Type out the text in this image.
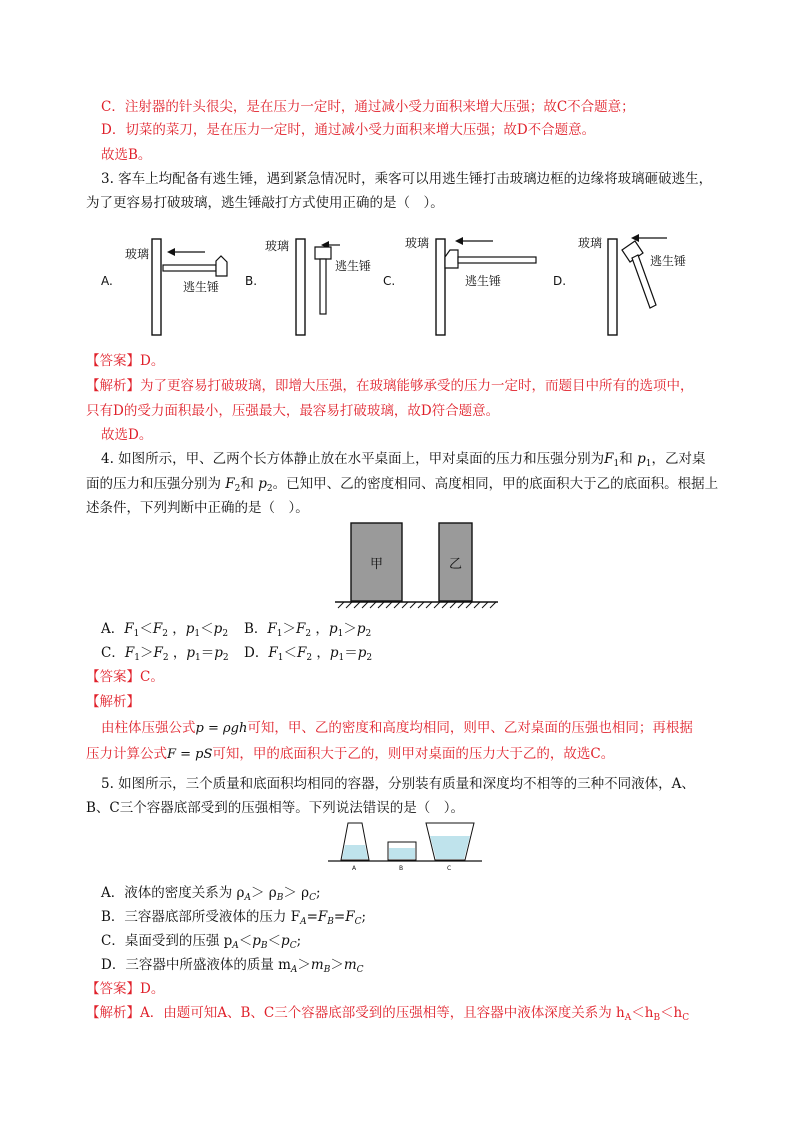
C．注射器的针头很尖，是在压力一定时，通过减小受力面积来增大压强；故C不合题意；
D．切菜的菜刀，是在压力一定时，通过减小受力面积来增大压强；故D不合题意。
故选B。
3. 客车上均配备有逃生锤，遇到紧急情况时，乘客可以用逃生锤打击玻璃边框的边缘将玻璃砸破逃生，
为了更容易打破玻璃，逃生锤敲打方式使用正确的是（　）。
A.
玻璃
逃生锤 B.
玻璃
逃生锤
C.
玻璃
逃生锤	D.
玻璃
逃生锤
【答案】D。
【解析】为了更容易打破玻璃，即增大压强，在玻璃能够承受的压力一定时，而题目中所有的选项中，
只有D的受力面积最小，压强最大，最容易打破玻璃，故D符合题意。
故选D。
4. 如图所示，甲、乙两个长方体静止放在水平桌面上，甲对桌面的压力和压强分别为$F_1$和 $p_1$，乙对桌
面的压力和压强分别为 $F_2$和 $p_2$。已知甲、乙的密度相同、高度相同，甲的底面积大于乙的底面积。根据上
述条件，下列判断中正确的是（　）。
甲	乙
A．$F_1<F_2$ ，$p_1<p_2$ B．$F_1>F_2$ ，$p_1>p_2$
C．$F_1>F_2$ ，$p_1=p_2$ D．$F_1<F_2$ ，$p_1=p_2$
【答案】C。
【解析】
由柱体压强公式p = ρgh可知，甲、乙的密度和高度均相同，则甲、乙对桌面的压强也相同；再根据
压力计算公式F = pS可知，甲的底面积大于乙的，则甲对桌面的压力大于乙的，故选C。
5. 如图所示，三个质量和底面积均相同的容器，分别装有质量和深度均不相等的三种不同液体，A、
B、C三个容器底部受到的压强相等。下列说法错误的是（　）。
A	B	C
A．液体的密度关系为 $\rho_A> \rho_B> \rho_C$;
B．三容器底部所受液体的压力 $F_A=F_B=F_C$;
C．桌面受到的压强 $p_A<p_B<p_C$;
D．三容器中所盛液体的质量 $m_A>m_B>m_C$
【答案】D。
【解析】A．由题可知A、B、C三个容器底部受到的压强相等，且容器中液体深度关系为 $h_A<h_B<h_C$
